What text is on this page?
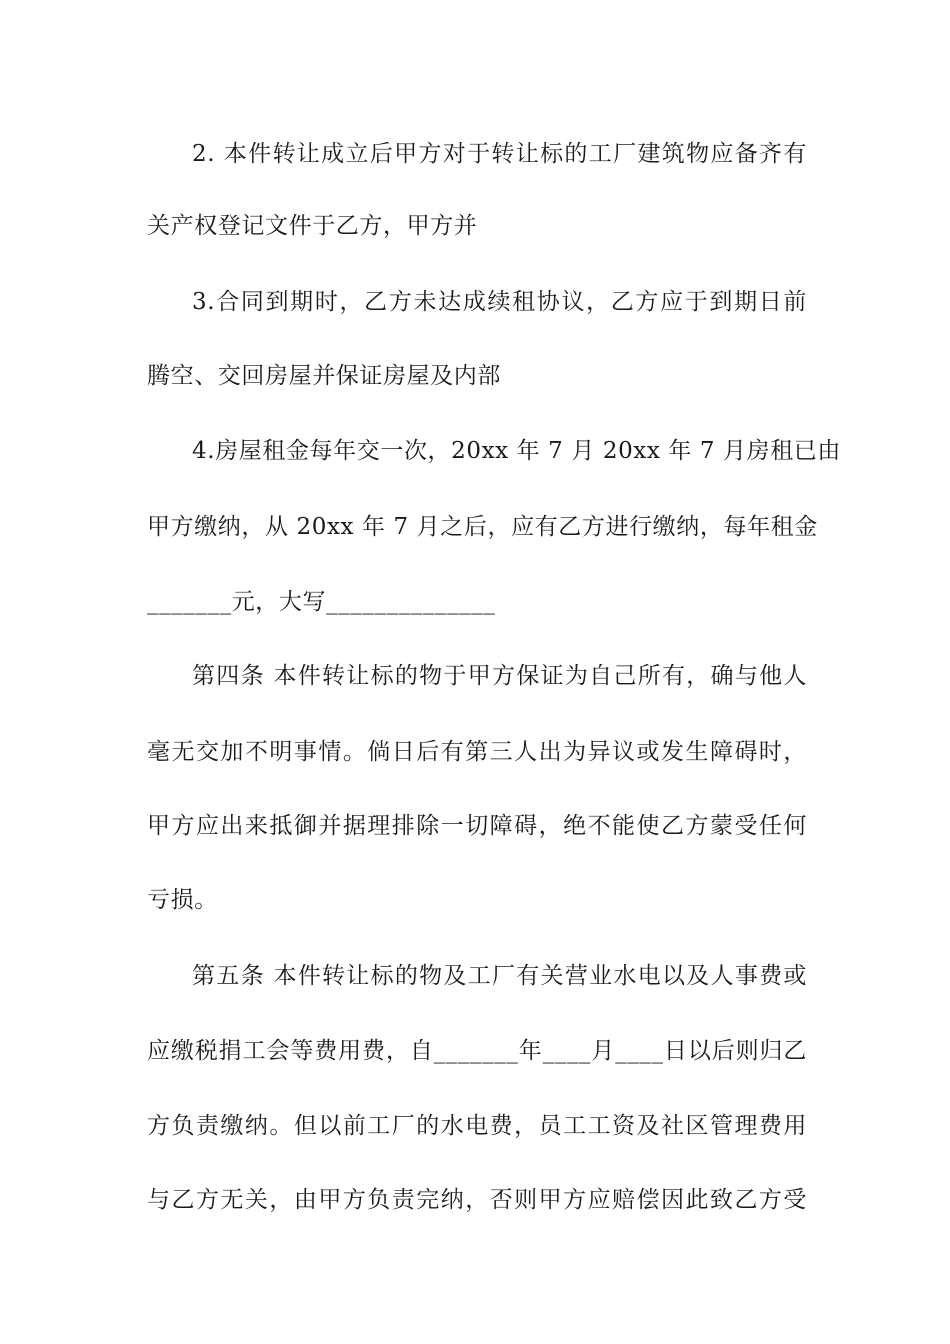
2. 本件转让成立后甲方对于转让标的工厂建筑物应备齐有
关产权登记文件于乙方，甲方并
3.合同到期时，乙方未达成续租协议，乙方应于到期日前
腾空、交回房屋并保证房屋及内部
4.房屋租金每年交一次，20xx 年 7 月 20xx 年 7 月房租已由
甲方缴纳，从 20xx 年 7 月之后，应有乙方进行缴纳，每年租金
_______元，大写______________
第四条 本件转让标的物于甲方保证为自己所有，确与他人
毫无交加不明事情。倘日后有第三人出为异议或发生障碍时，
甲方应出来抵御并据理排除一切障碍，绝不能使乙方蒙受任何
亏损。
第五条 本件转让标的物及工厂有关营业水电以及人事费或
应缴税捐工会等费用费，自_______年____月____日以后则归乙
方负责缴纳。但以前工厂的水电费，员工工资及社区管理费用
与乙方无关，由甲方负责完纳，否则甲方应赔偿因此致乙方受
